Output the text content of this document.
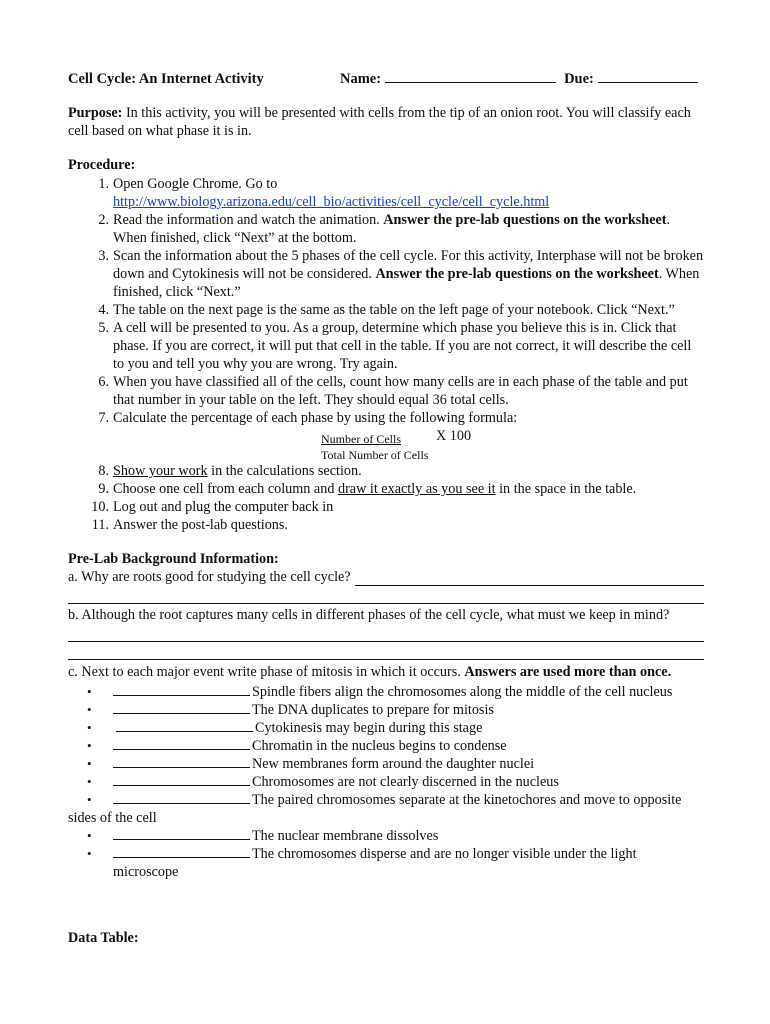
Cell Cycle: An Internet Activity	Name:	Due:
Purpose: In this activity, you will be presented with cells from the tip of an onion root. You will classify each cell based on what phase it is in.
Procedure:
1. Open Google Chrome. Go to
http://www.biology.arizona.edu/cell_bio/activities/cell_cycle/cell_cycle.html
2. Read the information and watch the animation. Answer the pre-lab questions on the worksheet. When finished, click “Next” at the bottom.
3. Scan the information about the 5 phases of the cell cycle. For this activity, Interphase will not be broken down and Cytokinesis will not be considered. Answer the pre-lab questions on the worksheet. When finished, click “Next.”
4. The table on the next page is the same as the table on the left page of your notebook. Click “Next.”
5. A cell will be presented to you. As a group, determine which phase you believe this is in. Click that phase. If you are correct, it will put that cell in the table. If you are not correct, it will describe the cell to you and tell you why you are wrong. Try again.
6. When you have classified all of the cells, count how many cells are in each phase of the table and put that number in your table on the left. They should equal 36 total cells.
7. Calculate the percentage of each phase by using the following formula:
Number of Cells X 100
Total Number of Cells
8. Show your work in the calculations section.
9. Choose one cell from each column and draw it exactly as you see it in the space in the table.
10. Log out and plug the computer back in
11. Answer the post-lab questions.
Pre-Lab Background Information:
a. Why are roots good for studying the cell cycle?
b. Although the root captures many cells in different phases of the cell cycle, what must we keep in mind?
c. Next to each major event write phase of mitosis in which it occurs. Answers are used more than once.
•	Spindle fibers align the chromosomes along the middle of the cell nucleus
•	The DNA duplicates to prepare for mitosis
•	Cytokinesis may begin during this stage
•	Chromatin in the nucleus begins to condense
•	New membranes form around the daughter nuclei
•	Chromosomes are not clearly discerned in the nucleus
•	The paired chromosomes separate at the kinetochores and move to opposite sides of the cell
•	The nuclear membrane dissolves
•	The chromosomes disperse and are no longer visible under the light microscope
Data Table:
